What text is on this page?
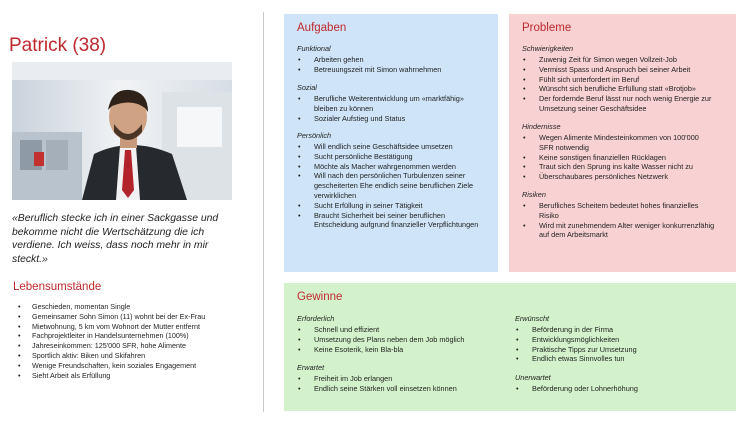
Patrick (38)
«Beruflich stecke ich in einer Sackgasse und bekomme nicht die Wertschätzung die ich verdiene. Ich weiss, dass noch mehr in mir steckt.»
Lebensumstände
• Geschieden, momentan Single
• Gemeinsamer Sohn Simon (11) wohnt bei der Ex-Frau
• Mietwohnung, 5 km vom Wohnort der Mutter entfernt
• Fachprojektleiter in Handelsunternehmen (100%)
• Jahreseinkommen: 125'000 SFR, hohe Alimente
• Sportlich aktiv: Biken und Skifahren
• Wenige Freundschaften, kein soziales Engagement
• Sieht Arbeit als Erfüllung
Aufgaben
Funktional
• Arbeiten gehen
• Betreuungszeit mit Simon wahrnehmen
Sozial
• Berufliche Weiterentwicklung um «marktfähig» bleiben zu können
• Sozialer Aufstieg und Status
Persönlich
• Will endlich seine Geschäftsidee umsetzen
• Sucht persönliche Bestätigung
• Möchte als Macher wahrgenommen werden
• Will nach den persönlichen Turbulenzen seiner gescheiterten Ehe endlich seine beruflichen Ziele verwirklichen
• Sucht Erfüllung in seiner Tätigkeit
• Braucht Sicherheit bei seiner beruflichen Entscheidung aufgrund finanzieller Verpflichtungen
Probleme
Schwierigkeiten
• Zuwenig Zeit für Simon wegen Vollzeit-Job
• Vermisst Spass und Anspruch bei seiner Arbeit
• Fühlt sich unterfordert im Beruf
• Wünscht sich berufliche Erfüllung statt «Brotjob»
• Der fordernde Beruf lässt nur noch wenig Energie zur Umsetzung seiner Geschäftsidee
Hindernisse
• Wegen Alimente Mindesteinkommen von 100'000 SFR notwendig
• Keine sonstigen finanziellen Rücklagen
• Traut sich den Sprung ins kalte Wasser nicht zu
• Überschaubares persönliches Netzwerk
Risiken
• Berufliches Scheitern bedeutet hohes finanzielles Risiko
• Wird mit zunehmendem Alter weniger konkurrenzfähig auf dem Arbeitsmarkt
Gewinne
Erforderlich
• Schnell und effizient
• Umsetzung des Plans neben dem Job möglich
• Keine Esoterik, kein Bla-bla
Erwartet
• Freiheit im Job erlangen
• Endlich seine Stärken voll einsetzen können
Erwünscht
• Beförderung in der Firma
• Entwicklungsmöglichkeiten
• Praktische Tipps zur Umsetzung
• Endlich etwas Sinnvolles tun
Unerwartet
• Beförderung oder Lohnerhöhung
